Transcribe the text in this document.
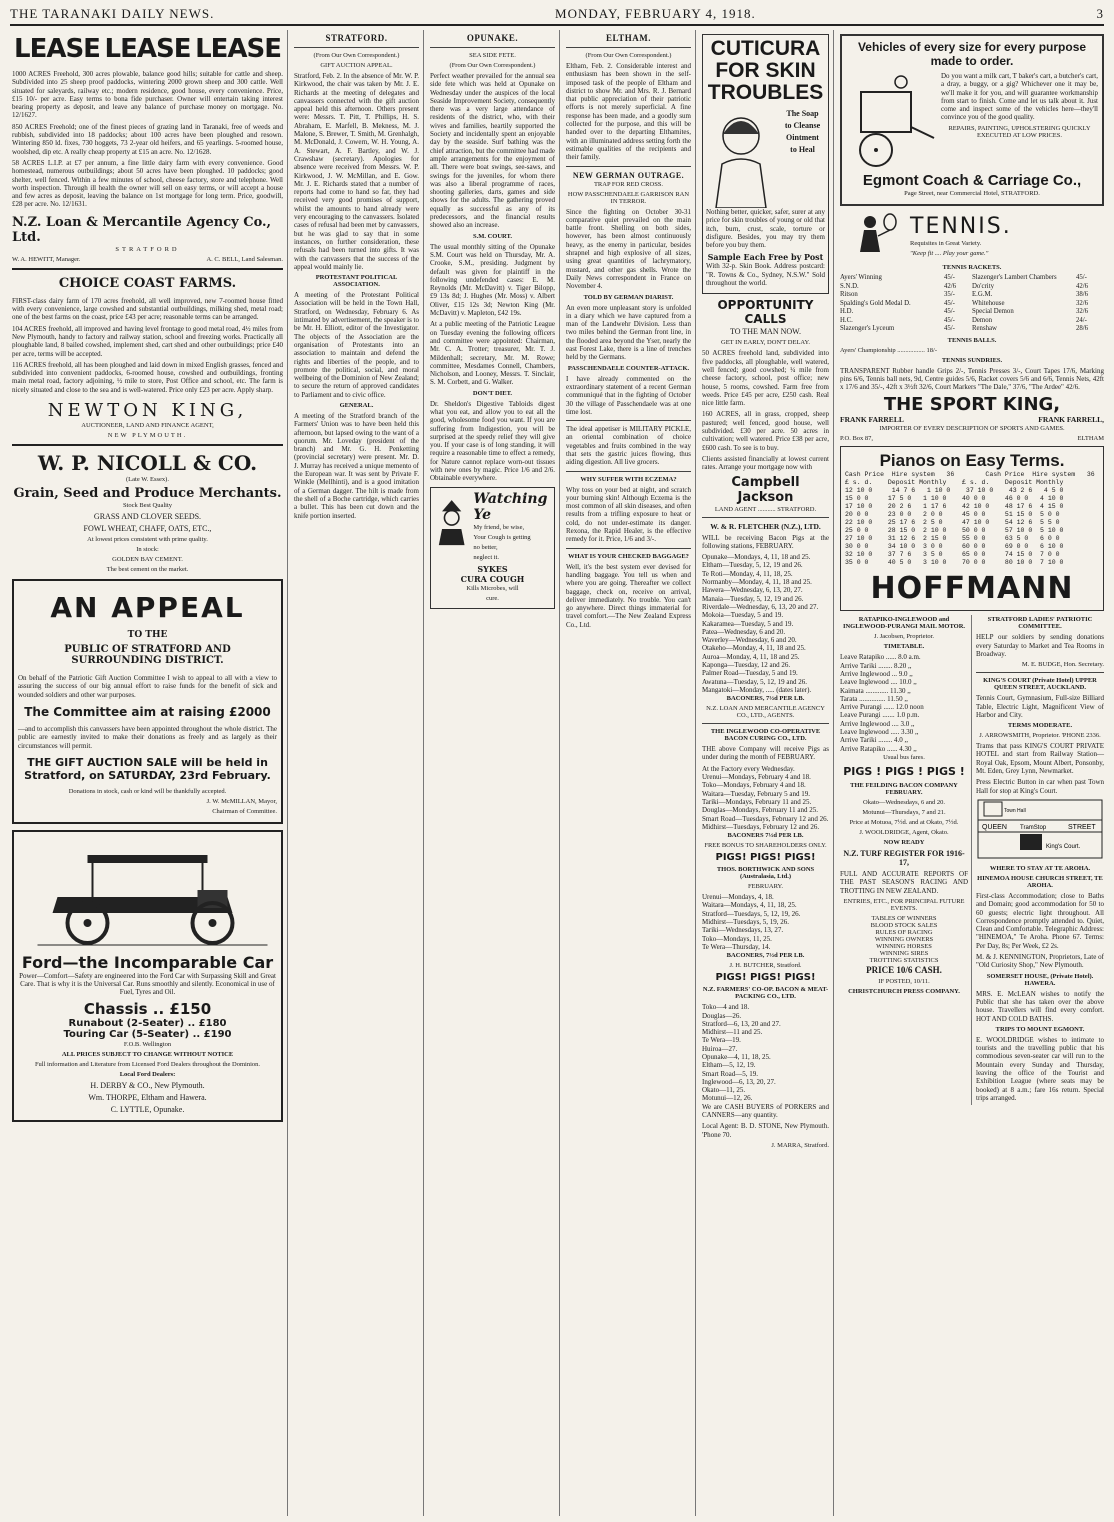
THE TARANAKI DAILY NEWS.	MONDAY, FEBRUARY 4, 1918.	3
LEASE LEASE LEASE

1000 ACRES Freehold, 300 acres plowable, balance good hills; suitable for cattle and sheep. Subdivided into 25 sheep proof paddocks, wintering 2000 grown sheep and 300 cattle. Well situated for saleyards, railway etc.; modern residence, good house, every convenience. Price, £15 10/- per acre. Easy terms to bona fide purchaser. Owner will entertain taking interest bearing property as deposit, and leave any balance of purchase money on mortgage. No. 12/1627.

850 ACRES Freehold; one of the finest pieces of grazing land in Taranaki, free of weeds and rubbish, subdivided into 18 paddocks; about 100 acres have been ploughed and resown. Wintering 850 ld. fixes, 730 hoggets, 73 2-year old heifers, and 65 yearlings. 5-roomed house, woolshed, dip etc. A really cheap property at £15 an acre. No. 12/1628.

58 ACRES L.I.P. at £7 per annum, a fine little dairy farm with every convenience. Good homestead, numerous outbuildings; about 50 acres have been ploughed. 10 paddocks; good shelter, well fenced. Within a few minutes of school, cheese factory, store and telephone. Well worth inspection. Through ill health the owner will sell on easy terms, or will accept a house and few acres as deposit, leaving the balance on 1st mortgage for long term. Price, goodwill, £28 per acre. No. 12/1631.

N.Z. Loan & Mercantile Agency Co., Ltd.
STRATFORD
W. A. HEWITT, Manager.	A. C. BELL, Land Salesman.
CHOICE COAST FARMS.

FIRST-class dairy farm of 170 acres freehold, all well improved, new 7-roomed house fitted with every convenience, large cowshed and substantial outbuildings, milking shed, metal road; one of the best farms on the coast, price £43 per acre; reasonable terms can be arranged.

104 ACRES freehold, all improved and having level frontage to good metal road, 4½ miles from New Plymouth, handy to factory and railway station, school and freezing works. Practically all ploughable land, 8 bailed cowshed, implement shed, cart shed and other outbuildings; price £40 per acre, terms will be accepted.

116 ACRES freehold, all has been ploughed and laid down in mixed English grasses, fenced and subdivided into convenient paddocks, 6-roomed house, cowshed and outbuildings, fronting main metal road, factory adjoining, ½ mile to store, Post Office and school, etc. The farm is nicely situated and close to the sea and is well-watered. Price only £23 per acre. Apply sharp.

NEWTON KING,
AUCTIONEER, LAND AND FINANCE AGENT,
NEW PLYMOUTH.
W. P. NICOLL & CO.
(Late W. Essex).
Grain, Seed and Produce Merchants.
Stock Best Quality
GRASS AND CLOVER SEEDS.
FOWL WHEAT, CHAFF, OATS, ETC.,
At lowest prices consistent with prime quality.
In stock:
GOLDEN BAY CEMENT.
The best cement on the market.
AN APPEAL
TO THE
PUBLIC OF STRATFORD AND SURROUNDING DISTRICT.

On behalf of the Patriotic Gift Auction Committee I wish to appeal to all with a view to assuring the success of our big annual effort to raise funds for the benefit of sick and wounded soldiers and other war purposes.

The Committee aim at raising £2000

—and to accomplish this canvassers have been appointed throughout the whole district. The public are earnestly invited to make their donations as freely and as largely as their circumstances will permit.

THE GIFT AUCTION SALE will be held in Stratford, on SATURDAY, 23rd February.
Donations in stock, cash or kind will be thankfully accepted.
J. W. McMILLAN, Mayor,
Chairman of Committee.
Ford—the Incomparable Car

Power—Comfort—Safety are engineered into the Ford Car with Surpassing Skill and Great Care. That is why it is the Universal Car. Runs smoothly and silently. Economical in use of Fuel, Tyres and Oil.

Chassis .. £150
Runabout (2-Seater) .. £180
Touring Car (5-Seater) .. £190
F.O.B. Wellington
ALL PRICES SUBJECT TO CHANGE WITHOUT NOTICE
Full information and Literature from Licensed Ford Dealers throughout the Dominion.
Local Ford Dealers:
H. DERBY & CO., New Plymouth.
Wm. THORPE, Eltham and Hawera.
C. LYTTLE, Opunake.
STRATFORD.
(From Our Own Correspondent.)
GIFT AUCTION APPEAL.

Stratford, Feb. 2. In the absence of Mr. W. P. Kirkwood, the chair was taken by Mr. J. E. Richards at the meeting of delegates and canvassers connected with the gift auction appeal held this afternoon. Others present were: Messrs. T. Pitt, T. Phillips, H. S. Abraham, E. Marfell, B. Mekness, M. J. Malone, S. Brewer, T. Smith, M. Grenhalgh, M. McDonald, J. Cowern, W. H. Young, A. A. Stewart, A. F. Bartley, and W. J. Crawshaw (secretary). Apologies for absence were received from Messrs. W. P. Kirkwood, J. W. McMillan, and E. Gow. Mr. J. E. Richards stated that a number of reports had come to hand so far, they had received very good promises of support, whilst the amounts to hand already were very encouraging to the canvassers. Isolated cases of refusal had been met by canvassers, but he was glad to say that in some instances, on further consideration, these refusals had been turned into gifts. It was with the canvassers that the success of the appeal would mainly lie.

PROTESTANT POLITICAL ASSOCIATION.

A meeting of the Protestant Political Association will be held in the Town Hall, Stratford, on Wednesday, February 6. As intimated by advertisement, the speaker is to be Mr. H. Elliott, editor of the Investigator. The objects of the Association are the organisation of Protestants into an association to maintain and defend the rights and liberties of the people, and to promote the political, social, and moral wellbeing of the Dominion of New Zealand; to secure the return of approved candidates to Parliament and to civic office.

GENERAL.

A meeting of the Stratford branch of the Farmers' Union was to have been held this afternoon, but lapsed owing to the want of a quorum. Mr. Loveday (president of the branch) and Mr. G. H. Penketting (provincial secretary) were present. Mr. D. J. Murray has received a unique memento of the European war. It was sent by Private F. Winkle (Mellhinti), and is a good imitation of a German dagger. The hilt is made from the shell of a Boche cartridge, which carries a bullet. This has been cut down and the knife portion inserted.

OPUNAKE.
SEA SIDE FETE.
(From Our Own Correspondent.)

Perfect weather prevailed for the annual sea side fete which was held at Opunake on Wednesday under the auspices of the local Seaside Improvement Society, consequently there was a very large attendance of residents of the district, who, with their wives and families, heartily supported the Society and incidentally spent an enjoyable day by the seaside. Surf bathing was the chief attraction, but the committee had made ample arrangements for the enjoyment of all. There were boat swings, see-saws, and swings for the juveniles, for whom there was also a liberal programme of races, shooting galleries, darts, games and side shows for the adults. The gathering proved equally as successful as any of its predecessors, and the financial results showed also an increase.

S.M. COURT.

The usual monthly sitting of the Opunake S.M. Court was held on Thursday, Mr. A. Crooke, S.M., presiding. Judgment by default was given for plaintiff in the following undefended cases: E. M. Reynolds (Mr. McDavitt) v. Tiger Bilopp, £9 13s 8d; J. Hughes (Mr. Moss) v. Albert Oliver, £15 12s 3d; Newton King (Mr. McDavitt) v. Mapleton, £42 19s.

At a public meeting of the Patriotic League on Tuesday evening the following officers and committee were appointed: Chairman, Mr. C. A. Trotter; treasurer, Mr. T. J. Mildenhall; secretary, Mr. M. Rowe; committee, Mesdames Connell, Chambers, Nicholson, and Looney, Messrs. T. Sinclair, S. M. Corbett, and G. Walker.

DON'T DIET.

Dr. Sheldon's Digestive Tabloids digest what you eat, and allow you to eat all the good, wholesome food you want. If you are suffering from Indigestion, you will be surprised at the speedy relief they will give you. If your case is of long standing, it will require a reasonable time to effect a remedy, for Nature cannot replace worn-out tissues with new ones by magic. Price 1/6 and 2/6. Obtainable everywhere.

Watching Ye
My friend, be wise,
Your Cough is getting
no better,
neglect it.
SYKES
CURA COUGH
Kills Microbes, will
cure.
ELTHAM.
(From Our Own Correspondent.)

Eltham, Feb. 2. Considerable interest and enthusiasm has been shown in the self-imposed task of the people of Eltham and district to show Mr. and Mrs. R. J. Bernard that public appreciation of their patriotic efforts is not merely superficial. A fine response has been made, and a goodly sum collected for the purpose, and this will be handed over to the departing Elthamites, with an illuminated address setting forth the estimable qualities of the recipients and their family.

NEW GERMAN OUTRAGE.
TRAP FOR RED CROSS.
HOW PASSCHENDAELE GARRISON RAN IN TERROR.

Since the fighting on October 30-31 comparative quiet prevailed on the main battle front. Shelling on both sides, however, has been almost continuously heavy, as the enemy in particular, besides shrapnel and high explosive of all sizes, using great quantities of lachrymatory, mustard, and other gas shells. Wrote the Daily News correspondent in France on November 4.

TOLD BY GERMAN DIARIST.

An even more unpleasant story is unfolded in a diary which we have captured from a man of the Landwehr Division. Less than two miles behind the German front line, in the flooded area beyond the Yser, nearly the east Forest Lake, there is a line of trenches held by the Germans.

PASSCHENDAELE COUNTER-ATTACK.

I have already commented on the extraordinary statement of a recent German communiqué that in the fighting of October 30 the village of Passchendaele was at one time lost.

The ideal appetiser is MILITARY PICKLE, an oriental combination of choice vegetables and fruits combined in the way that sets the gastric juices flowing, thus aiding digestion. All live grocers.

WHY SUFFER WITH ECZEMA?

Why toss on your bed at night, and scratch your burning skin! Although Eczema is the most common of all skin diseases, and often results from a trifling exposure to heat or cold, do not under-estimate its danger. Rexona, the Rapid Healer, is the effective remedy for it. Price, 1/6 and 3/-.

WHAT IS YOUR CHECKED BAGGAGE?

Well, it's the best system ever devised for handling baggage. You tell us when and where you are going. Thereafter we collect baggage, check on, receive on arrival, deliver immediately. No trouble. You can't go anywhere. Direct things immaterial for travel comfort.—The New Zealand Express Co., Ltd.

CUTICURA FOR SKIN TROUBLES
The Soap
to Cleanse
Ointment
to Heal

Nothing better, quicker, safer, surer at any price for skin troubles of young or old that itch, burn, crust, scale, torture or disfigure. Besides, you may try them before you buy them.

Sample Each Free by Post

With 32-p. Skin Book. Address postcard: "R. Towns & Co., Sydney, N.S.W." Sold throughout the world.

OPPORTUNITY CALLS
TO THE MAN NOW.
GET IN EARLY, DON'T DELAY.

50 ACRES freehold land, subdivided into five paddocks, all ploughable, well watered, well fenced; good cowshed; ¼ mile from cheese factory, school, post office; new house, 5 rooms, cowshed. Farm free from weeds. Price £45 per acre, £250 cash. Real nice little farm.

160 ACRES, all in grass, cropped, sheep pastured; well fenced, good house, well subdivided. £30 per acre. 50 acres in cultivation; well watered. Price £38 per acre, £600 cash. To see is to buy.

Clients assisted financially at lowest current rates. Arrange your mortgage now with

Campbell Jackson
LAND AGENT ........... STRATFORD.
W. & R. FLETCHER (N.Z.), LTD.

WILL be receiving Bacon Pigs at the following stations, FEBRUARY.

Opunake—Mondays, 4, 11, 18 and 25.
Eltham—Tuesday, 5, 12, 19 and 26.
Te Roti—Monday, 4, 11, 18, 25.
Normanby—Monday, 4, 11, 18 and 25.
Hawera—Wednesday, 6, 13, 20, 27.
Manaia—Tuesday, 5, 12, 19 and 26.
Riverdale—Wednesday, 6, 13, 20 and 27.
Mokoia—Tuesday, 5 and 19.
Kakaramea—Tuesday, 5 and 19.
Patea—Wednesday, 6 and 20.
Waverley—Wednesday, 6 and 20.
Otakeho—Monday, 4, 11, 18 and 25.
Auroa—Monday, 4, 11, 18 and 25.
Kaponga—Tuesday, 12 and 26.
Palmer Road—Tuesday, 5 and 19.
Awatuna—Tuesday, 5, 12, 19 and 26.
Mangatoki—Monday, ..... (dates later).
BACONERS, 7½d PER LB.
N.Z. LOAN AND MERCANTILE AGENCY CO., LTD., AGENTS.
THE INGLEWOOD CO-OPERATIVE BACON CURING CO., LTD.

THE above Company will receive Pigs as under during the month of FEBRUARY.

At the Factory every Wednesday.
Urenui—Mondays, February 4 and 18.
Toko—Mondays, February 4 and 18.
Waitara—Tuesday, February 5 and 19.
Tariki—Mondays, February 11 and 25.
Douglas—Mondays, February 11 and 25.
Smart Road—Tuesdays, February 12 and 26.
Midhirst—Tuesdays, February 12 and 26.
BACONERS 7½d PER LB.
FREE BONUS TO SHAREHOLDERS ONLY.
PIGS! PIGS! PIGS!
THOS. BORTHWICK AND SONS (Australasia, Ltd.)
FEBRUARY.
Urenui—Mondays, 4, 18.
Waitara—Mondays, 4, 11, 18, 25.
Stratford—Tuesdays, 5, 12, 19, 26.
Midhirst—Tuesdays, 5, 19, 26.
Tariki—Wednesdays, 13, 27.
Toko—Mondays, 11, 25.
Te Wera—Thursday, 14.
BACONERS, 7½d PER LB.
J. H. BUTCHER, Stratford.
PIGS! PIGS! PIGS!
N.Z. FARMERS' CO-OP. BACON & MEAT-PACKING CO., LTD.
Toko—4 and 18.
Douglas—26.
Stratford—6, 13, 20 and 27.
Midhirst—11 and 25.
Te Wera—19.
Huiroa—27.
Opunake—4, 11, 18, 25.
Eltham—5, 12, 19.
Smart Road—5, 19.
Inglewood—6, 13, 20, 27.
Okato—11, 25.
Motunui—12, 26.

We are CASH BUYERS of PORKERS and CANNERS—any quantity.

Local Agent: B. D. STONE, New Plymouth. 'Phone 70.

J. MARRA, Stratford.
Vehicles of every size for every purpose made to order.

Do you want a milk cart, T baker's cart, a butcher's cart, a dray, a buggy, or a gig? Whichever one it may be, we'll make it for you, and will guarantee workmanship from start to finish. Come and let us talk about it. Just come and inspect some of the vehicles here—they'll convince you of the good quality.

REPAIRS, PAINTING, UPHOLSTERING QUICKLY EXECUTED AT LOW PRICES.
Egmont Coach & Carriage Co.,
Page Street, near Commercial Hotel, STRATFORD.
TENNIS.
Requisites in Great Variety.
"Keep fit .... Play your game."
TENNIS RACKETS.
Ayers' Winning	45/-	Slazenger's Lambert Chambers	45/-
S.N.D.	42/6	Do'crity	42/6
Ritson	35/-	E.G.M.	38/6
Spalding's Gold Medal D.	45/-	Whitehouse	32/6
H.D.	45/-	Special Demon	32/6
H.C.	45/-	Demon	24/-
Slazenger's Lyceum	45/-	Renshaw	28/6
TENNIS BALLS.
Ayers' Championship ................. 18/-
TENNIS SUNDRIES.

TRANSPARENT Rubber handle Grips 2/-, Tennis Presses 3/-, Court Tapes 17/6, Marking pins 6/6, Tennis ball nets, 9d, Centre guides 5/6, Racket covers 5/6 and 6/6, Tennis Nets, 42ft x 17/6 and 35/-, 42ft x 3½ft 32/6, Court Markers "The Dale," 37/6, "The Ardee" 42/6.

THE SPORT KING,
FRANK FARRELL	FRANK FARRELL,
IMPORTER OF EVERY DESCRIPTION OF SPORTS AND GAMES.
P.O. Box 87,	ELTHAM
Pianos on Easy Terms.
Cash Price  Hire system   36        Cash Price  Hire system   36
£ s. d.    Deposit Monthly    £ s. d.    Deposit Monthly
12 10 0     14 7 6   1 10 0    37 10 0    43 2 6   4 5 0
15 0 0     17 5 0   1 10 0    40 0 0     46 0 0   4 10 0
17 10 0    20 2 6   1 17 6    42 10 0    48 17 6  4 15 0
20 0 0     23 0 0   2 0 0     45 0 0     51 15 0  5 0 0
22 10 0    25 17 6  2 5 0     47 10 0    54 12 6  5 5 0
25 0 0     28 15 0  2 10 0    50 0 0     57 10 0  5 10 0
27 10 0    31 12 6  2 15 0    55 0 0     63 5 0   6 0 0
30 0 0     34 10 0  3 0 0     60 0 0     69 0 0   6 10 0
32 10 0    37 7 6   3 5 0     65 0 0     74 15 0  7 0 0
35 0 0     40 5 0   3 10 0    70 0 0     80 10 0  7 10 0
HOFFMANN
RATAPIKO-INGLEWOOD and INGLEWOOD-PURANGI MAIL MOTOR.
J. Jacobsen, Proprietor.
TIMETABLE.
Leave Ratapiko ...... 8.0 a.m.
Arrive Tariki ........ 8.20 ,,
Arrive Inglewood ... 9.0 ,,
Leave Inglewood .... 10.0 ,,
Kaimata ............. 11.30 ,,
Tarata ............... 11.50 ,,
Arrive Purangi ...... 12.0 noon
Leave Purangi ....... 1.0 p.m.
Arrive Inglewood .... 3.0 ,,
Leave Inglewood ..... 3.30 ,,
Arrive Tariki ........ 4.0 ,,
Arrive Ratapiko ...... 4.30 ,,
Usual bus fares.
PIGS ! PIGS ! PIGS !
THE FEILDING BACON COMPANY FEBRUARY.
Okato—Wednesdays, 6 and 20.
Motunui—Thursdays, 7 and 21.
Price at Motuoa, 7½d. and at Okato, 7½d.
J. WOOLDRIDGE, Agent, Okato.
NOW READY
N.Z. TURF REGISTER FOR 1916-17,

FULL AND ACCURATE REPORTS OF THE PAST SEASON'S RACING AND TROTTING IN NEW ZEALAND.

ENTRIES, ETC., FOR PRINCIPAL FUTURE EVENTS.
TABLES OF WINNERS
BLOOD STOCK SALES
RULES OF RACING
WINNING OWNERS
WINNING HORSES
WINNING SIRES
TROTTING STATISTICS
PRICE 10/6 CASH.
IF POSTED, 10/11.
CHRISTCHURCH PRESS COMPANY.
STRATFORD LADIES' PATRIOTIC COMMITTEE.

HELP our soldiers by sending donations every Saturday to Market and Tea Rooms in Broadway.

M. E. BUDGE, Hon. Secretary.
KING'S COURT (Private Hotel) UPPER QUEEN STREET, AUCKLAND.

Tennis Court, Gymnasium, Full-size Billiard Table, Electric Light, Magnificent View of Harbor and City.

TERMS MODERATE.
J. ARROWSMITH, Proprietor. 'PHONE 2336.

Trams that pass KING'S COURT PRIVATE HOTEL and start from Railway Station—Royal Oak, Epsom, Mount Albert, Ponsonby, Mt. Eden, Grey Lynn, Newmarket.

Press Electric Button in car when past Town Hall for stop at King's Court.

QUEEN TramStop	STREET
King's Court.
Town Hall
WHERE TO STAY AT TE AROHA.
HINEMOA HOUSE CHURCH STREET, TE AROHA.

First-class Accommodation; close to Baths and Domain; good accommodation for 50 to 60 guests; electric light throughout. All Correspondence promptly attended to. Quiet, Clean and Comfortable. Telegraphic Address: "HINEMOA," Te Aroha. Phone 67. Terms: Per Day, 8s; Per Week, £2 2s.

M. & J. KENNINGTON, Proprietors, Late of "Old Curiosity Shop," New Plymouth.

SOMERSET HOUSE, (Private Hotel). HAWERA.

MRS. E. McLEAN wishes to notify the Public that she has taken over the above house. Travellers will find every comfort. HOT AND COLD BATHS.

TRIPS TO MOUNT EGMONT.

E. WOOLDRIDGE wishes to intimate to tourists and the travelling public that his commodious seven-seater car will run to the Mountain every Sunday and Thursday, leaving the office of the Tourist and Exhibition League (where seats may be booked) at 8 a.m.; fare 16s return. Special trips arranged.
